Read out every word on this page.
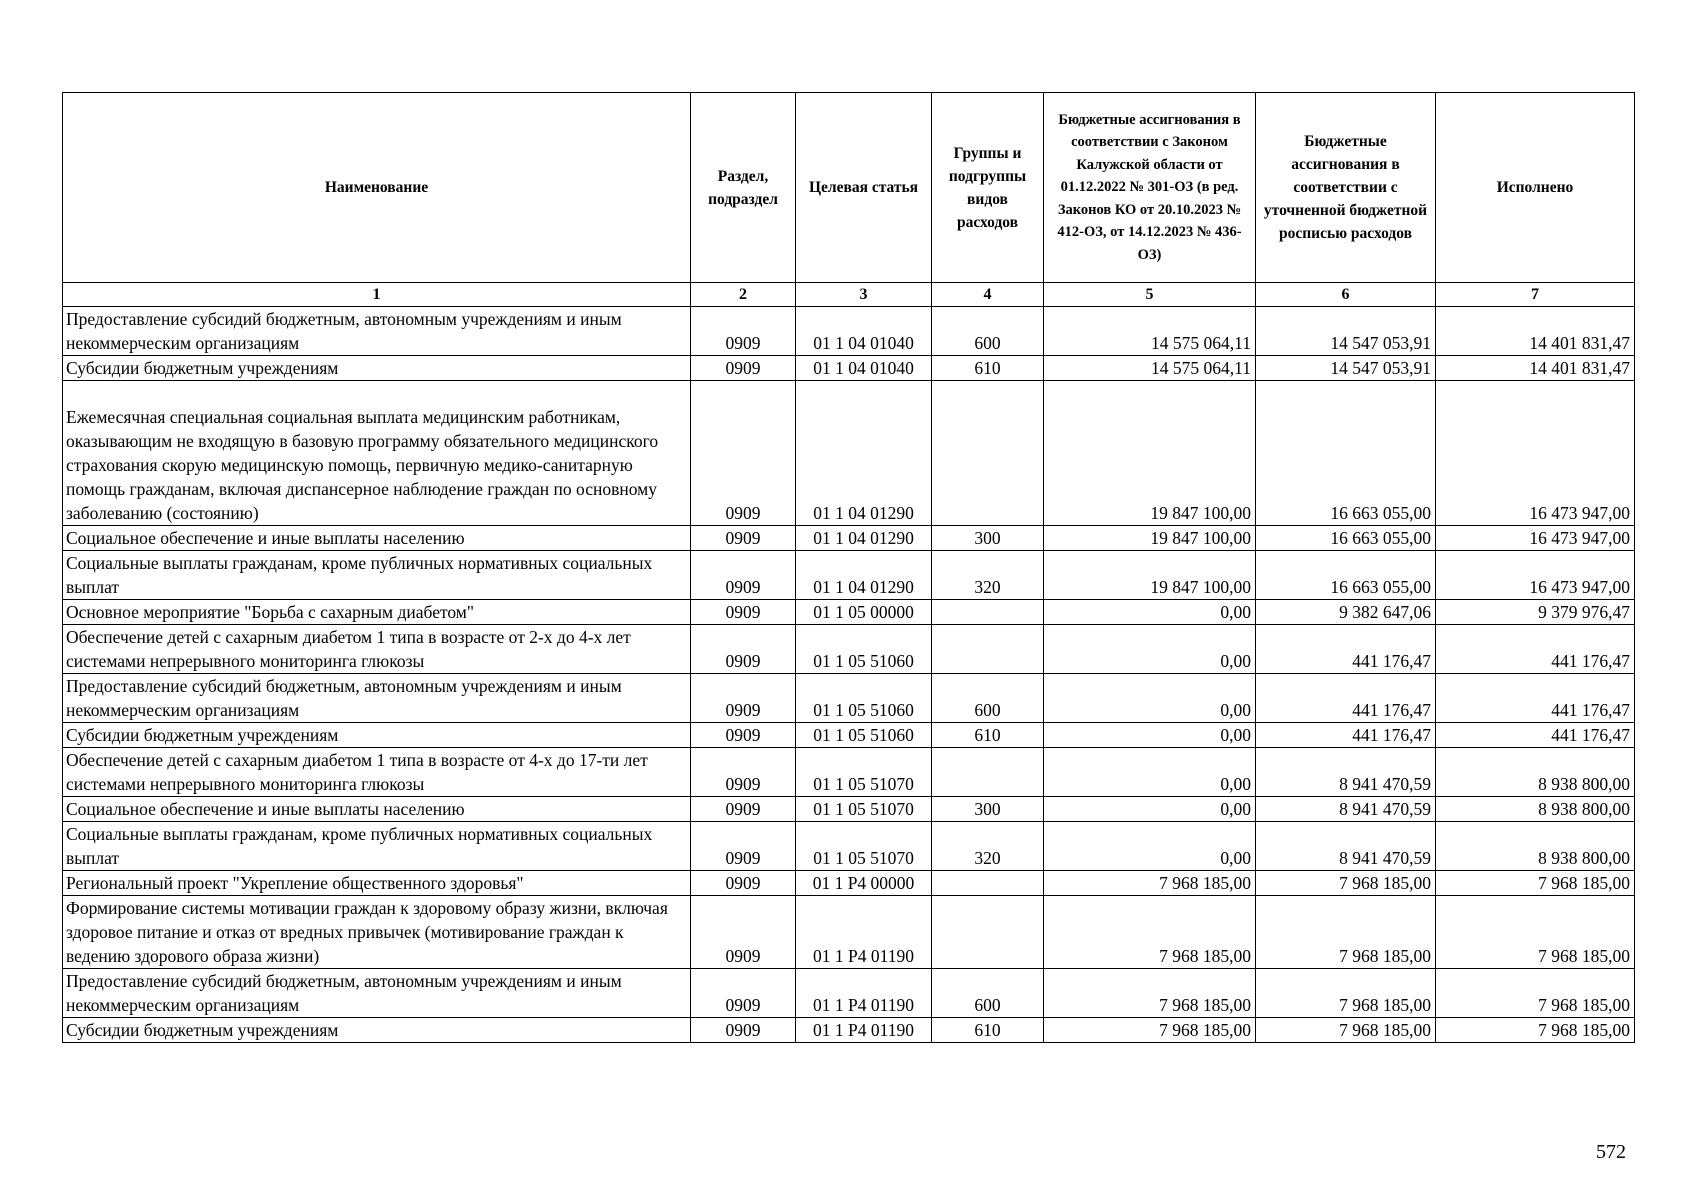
Наименование	Раздел, подраздел	Целевая статья	Группы и подгруппы видов расходов	Бюджетные ассигнования в соответствии с Законом Калужской области от 01.12.2022 № 301-ОЗ (в ред. Законов КО от 20.10.2023 № 412-ОЗ, от 14.12.2023 № 436-ОЗ)	Бюджетные ассигнования в соответствии с уточненной бюджетной росписью расходов	Исполнено
1	2	3	4	5	6	7
Предоставление субсидий бюджетным, автономным учреждениям и иным некоммерческим организациям	0909	01 1 04 01040	600	14 575 064,11	14 547 053,91	14 401 831,47
Субсидии бюджетным учреждениям	0909	01 1 04 01040	610	14 575 064,11	14 547 053,91	14 401 831,47
Ежемесячная специальная социальная выплата медицинским работникам, оказывающим не входящую в базовую программу обязательного медицинского страхования скорую медицинскую помощь, первичную медико-санитарную помощь гражданам, включая диспансерное наблюдение граждан по основному заболеванию (состоянию)	0909	01 1 04 01290		19 847 100,00	16 663 055,00	16 473 947,00
Социальное обеспечение и иные выплаты населению	0909	01 1 04 01290	300	19 847 100,00	16 663 055,00	16 473 947,00
Социальные выплаты гражданам, кроме публичных нормативных социальных выплат	0909	01 1 04 01290	320	19 847 100,00	16 663 055,00	16 473 947,00
Основное мероприятие "Борьба с сахарным диабетом"	0909	01 1 05 00000		0,00	9 382 647,06	9 379 976,47
Обеспечение детей с сахарным диабетом 1 типа в возрасте от 2-х до 4-х лет системами непрерывного мониторинга глюкозы	0909	01 1 05 51060		0,00	441 176,47	441 176,47
Предоставление субсидий бюджетным, автономным учреждениям и иным некоммерческим организациям	0909	01 1 05 51060	600	0,00	441 176,47	441 176,47
Субсидии бюджетным учреждениям	0909	01 1 05 51060	610	0,00	441 176,47	441 176,47
Обеспечение детей с сахарным диабетом 1 типа в возрасте от 4-х до 17-ти лет системами непрерывного мониторинга глюкозы	0909	01 1 05 51070		0,00	8 941 470,59	8 938 800,00
Социальное обеспечение и иные выплаты населению	0909	01 1 05 51070	300	0,00	8 941 470,59	8 938 800,00
Социальные выплаты гражданам, кроме публичных нормативных социальных выплат	0909	01 1 05 51070	320	0,00	8 941 470,59	8 938 800,00
Региональный проект "Укрепление общественного здоровья"	0909	01 1 P4 00000		7 968 185,00	7 968 185,00	7 968 185,00
Формирование системы мотивации граждан к здоровому образу жизни, включая здоровое питание и отказ от вредных привычек (мотивирование граждан к ведению здорового образа жизни)	0909	01 1 P4 01190		7 968 185,00	7 968 185,00	7 968 185,00
Предоставление субсидий бюджетным, автономным учреждениям и иным некоммерческим организациям	0909	01 1 P4 01190	600	7 968 185,00	7 968 185,00	7 968 185,00
Субсидии бюджетным учреждениям	0909	01 1 P4 01190	610	7 968 185,00	7 968 185,00	7 968 185,00
572
